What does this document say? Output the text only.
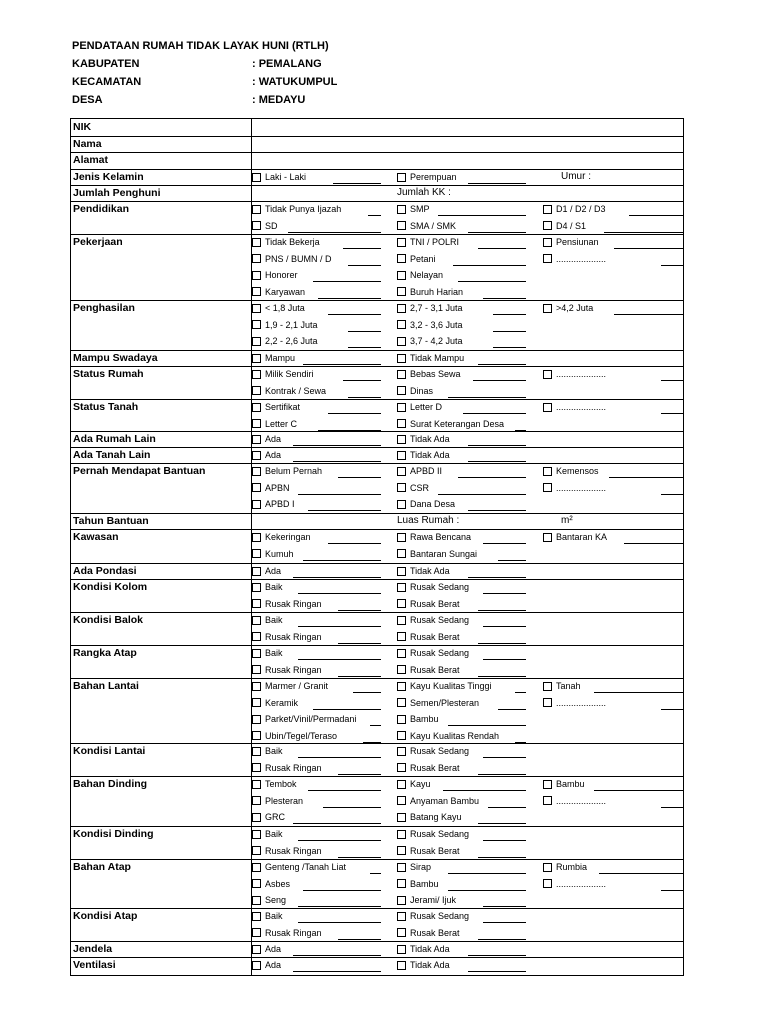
PENDATAAN RUMAH TIDAK LAYAK HUNI (RTLH)
KABUPATEN	: PEMALANG
KECAMATAN	: WATUKUMPUL
DESA	: MEDAYU
NIK
Nama
Alamat
Jenis Kelamin	Laki - Laki	Perempuan	Umur :
Jumlah Penghuni	Jumlah KK :
Pendidikan	Tidak Punya Ijazah	SMP	D1 / D2 / D3
SD	SMA / SMK	D4 / S1
Pekerjaan	Tidak Bekerja	TNI / POLRI	Pensiunan
PNS / BUMN / D	Petani	....................
Honorer	Nelayan
Karyawan	Buruh Harian
Penghasilan	< 1,8 Juta	2,7 - 3,1 Juta	>4,2 Juta
1,9 - 2,1 Juta	3,2 - 3,6 Juta
2,2 - 2,6 Juta	3,7 - 4,2 Juta
Mampu Swadaya	Mampu	Tidak Mampu
Status Rumah	Milik Sendiri	Bebas Sewa	....................
Kontrak / Sewa	Dinas
Status Tanah	Sertifikat	Letter D	....................
Letter C	Surat Keterangan Desa
Ada Rumah Lain	Ada	Tidak Ada
Ada Tanah Lain	Ada	Tidak Ada
Pernah Mendapat Bantuan	Belum Pernah	APBD II	Kemensos
APBN	CSR	....................
APBD I	Dana Desa
Tahun Bantuan	Luas Rumah :	m²
Kawasan	Kekeringan	Rawa Bencana	Bantaran KA
Kumuh	Bantaran Sungai
Ada Pondasi	Ada	Tidak Ada
Kondisi Kolom	Baik	Rusak Sedang
Rusak Ringan	Rusak Berat
Kondisi Balok	Baik	Rusak Sedang
Rusak Ringan	Rusak Berat
Rangka Atap	Baik	Rusak Sedang
Rusak Ringan	Rusak Berat
Bahan Lantai	Marmer / Granit	Kayu Kualitas Tinggi	Tanah
Keramik	Semen/Plesteran	....................
Parket/Vinil/Permadani	Bambu
Ubin/Tegel/Teraso	Kayu Kualitas Rendah
Kondisi Lantai	Baik	Rusak Sedang
Rusak Ringan	Rusak Berat
Bahan Dinding	Tembok	Kayu	Bambu
Plesteran	Anyaman Bambu	....................
GRC	Batang Kayu
Kondisi Dinding	Baik	Rusak Sedang
Rusak Ringan	Rusak Berat
Bahan Atap	Genteng /Tanah Liat	Sirap	Rumbia
Asbes	Bambu	....................
Seng	Jerami/ Ijuk
Kondisi Atap	Baik	Rusak Sedang
Rusak Ringan	Rusak Berat
Jendela	Ada	Tidak Ada
Ventilasi	Ada	Tidak Ada
